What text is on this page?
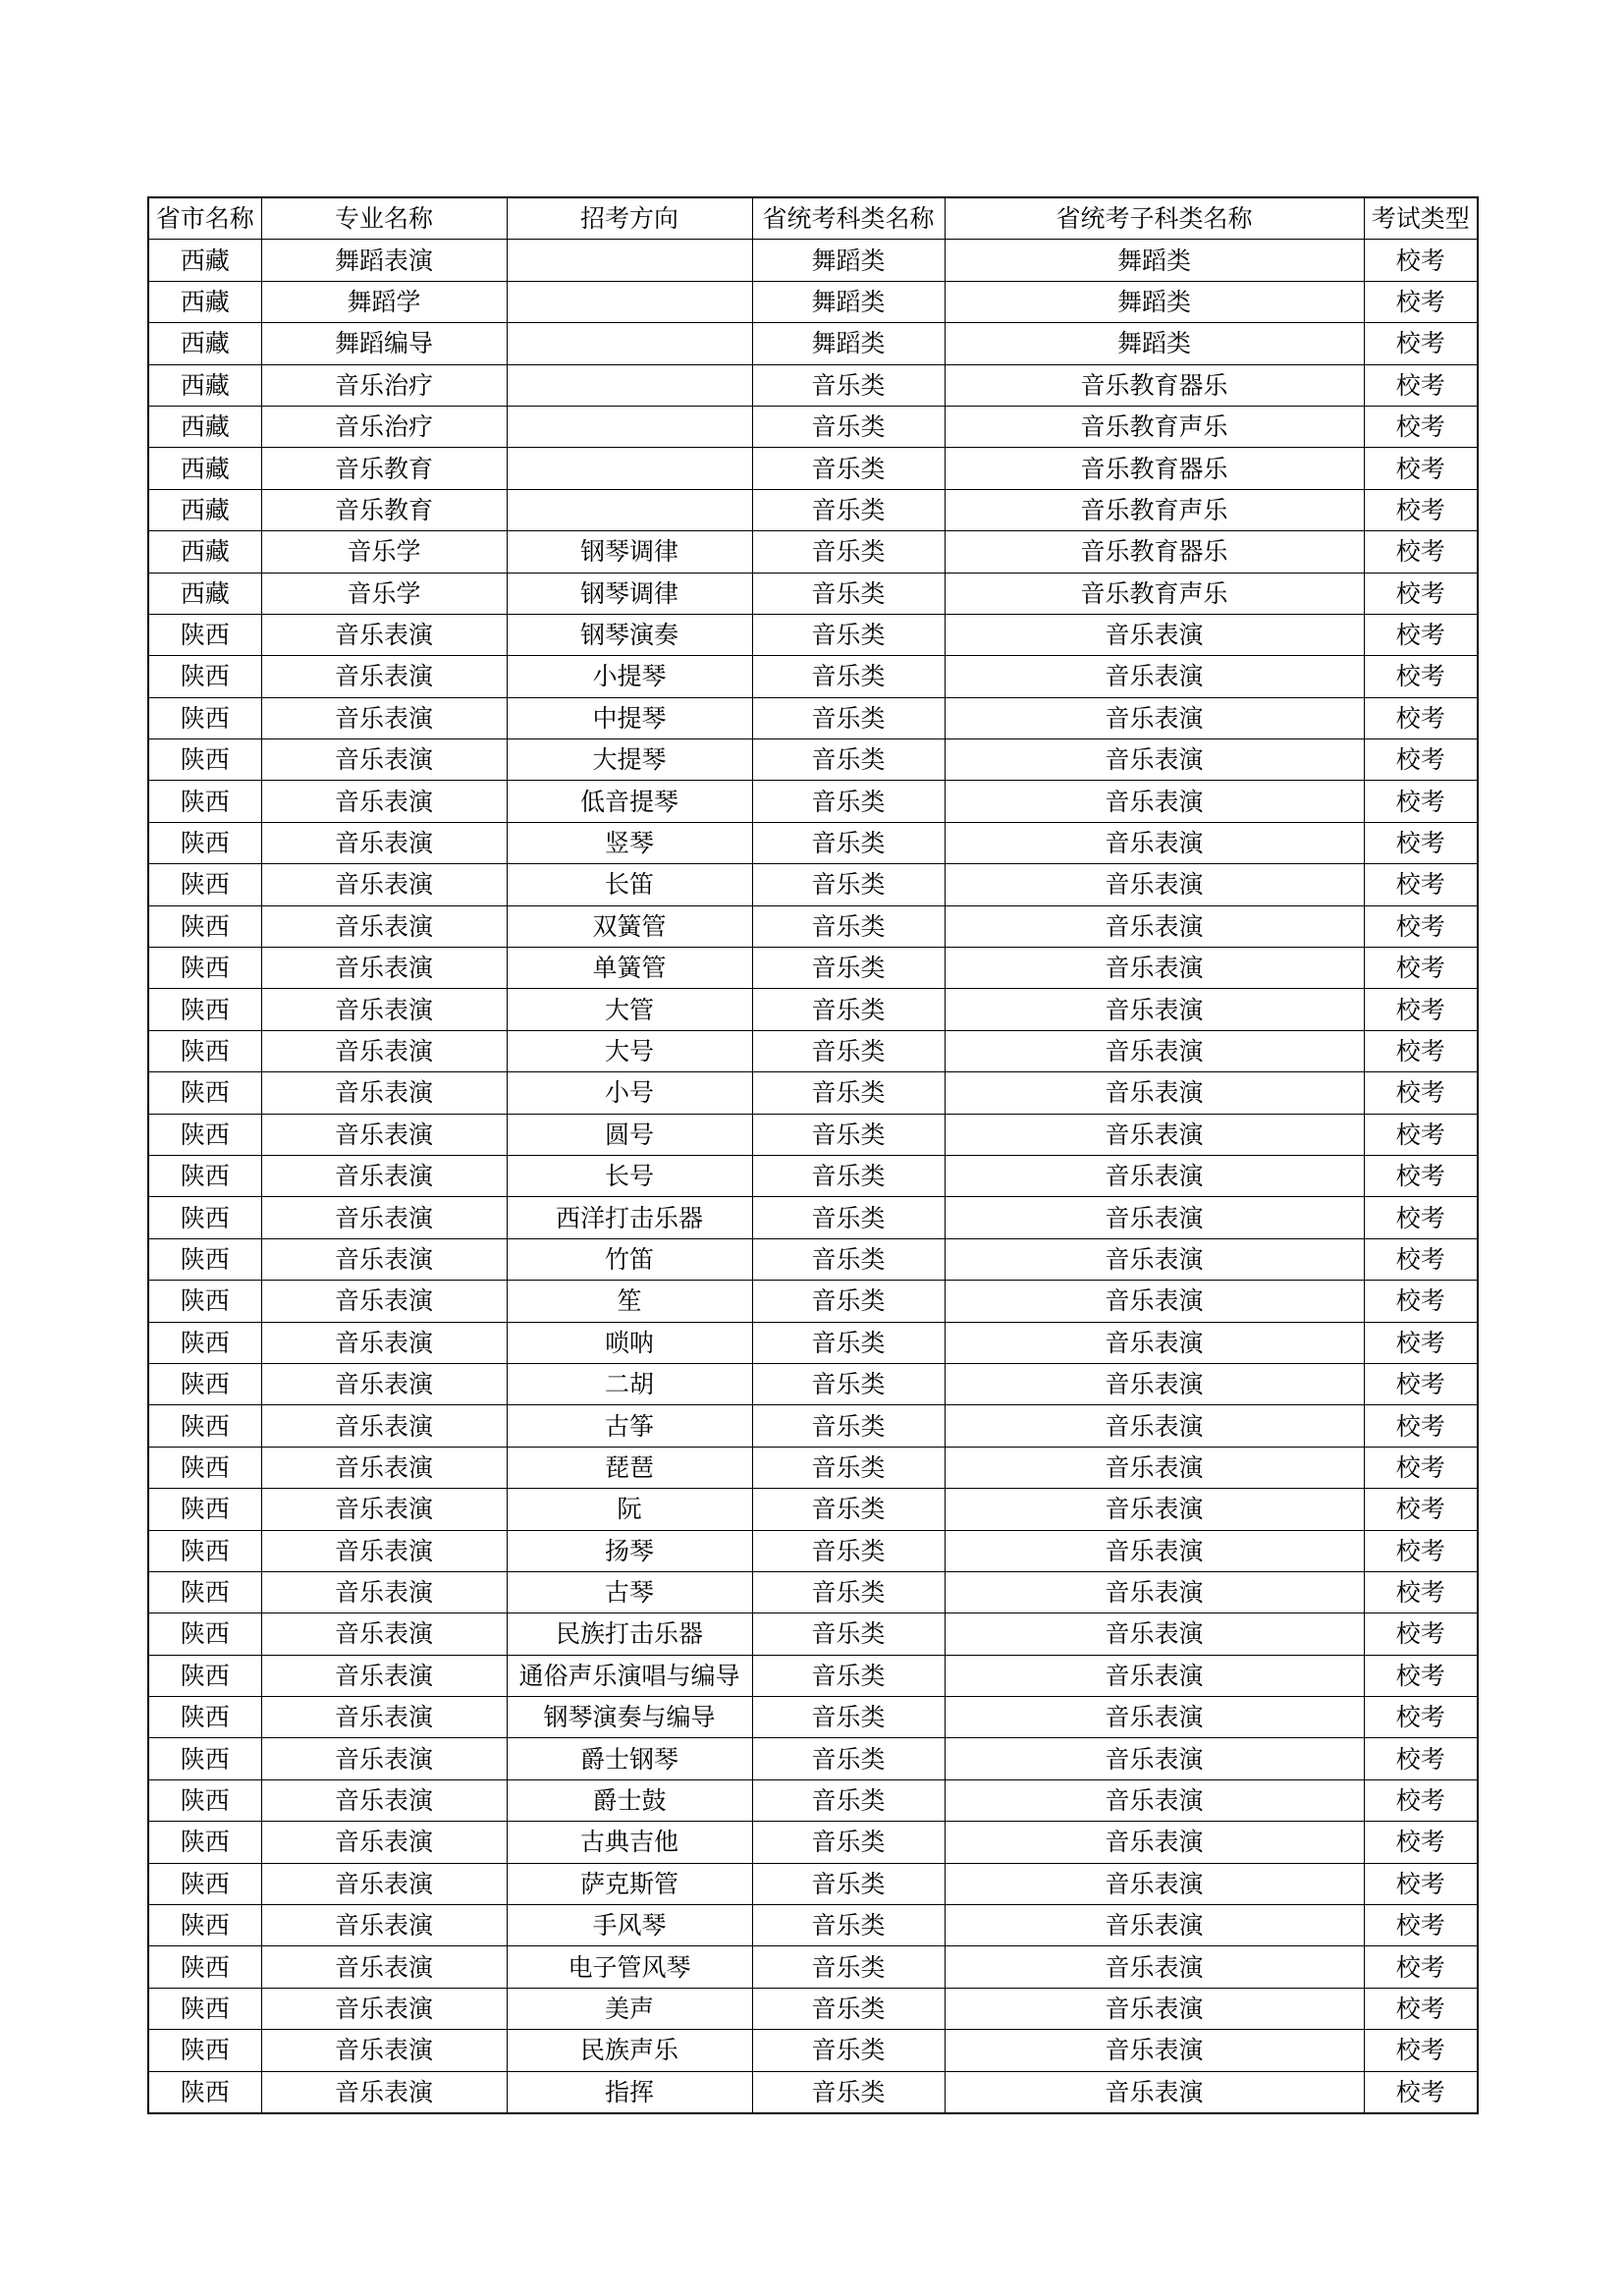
省市名称	专业名称	招考方向	省统考科类名称	省统考子科类名称	考试类型
西藏	舞蹈表演		舞蹈类	舞蹈类	校考
西藏	舞蹈学		舞蹈类	舞蹈类	校考
西藏	舞蹈编导		舞蹈类	舞蹈类	校考
西藏	音乐治疗		音乐类	音乐教育器乐	校考
西藏	音乐治疗		音乐类	音乐教育声乐	校考
西藏	音乐教育		音乐类	音乐教育器乐	校考
西藏	音乐教育		音乐类	音乐教育声乐	校考
西藏	音乐学	钢琴调律	音乐类	音乐教育器乐	校考
西藏	音乐学	钢琴调律	音乐类	音乐教育声乐	校考
陕西	音乐表演	钢琴演奏	音乐类	音乐表演	校考
陕西	音乐表演	小提琴	音乐类	音乐表演	校考
陕西	音乐表演	中提琴	音乐类	音乐表演	校考
陕西	音乐表演	大提琴	音乐类	音乐表演	校考
陕西	音乐表演	低音提琴	音乐类	音乐表演	校考
陕西	音乐表演	竖琴	音乐类	音乐表演	校考
陕西	音乐表演	长笛	音乐类	音乐表演	校考
陕西	音乐表演	双簧管	音乐类	音乐表演	校考
陕西	音乐表演	单簧管	音乐类	音乐表演	校考
陕西	音乐表演	大管	音乐类	音乐表演	校考
陕西	音乐表演	大号	音乐类	音乐表演	校考
陕西	音乐表演	小号	音乐类	音乐表演	校考
陕西	音乐表演	圆号	音乐类	音乐表演	校考
陕西	音乐表演	长号	音乐类	音乐表演	校考
陕西	音乐表演	西洋打击乐器	音乐类	音乐表演	校考
陕西	音乐表演	竹笛	音乐类	音乐表演	校考
陕西	音乐表演	笙	音乐类	音乐表演	校考
陕西	音乐表演	唢呐	音乐类	音乐表演	校考
陕西	音乐表演	二胡	音乐类	音乐表演	校考
陕西	音乐表演	古筝	音乐类	音乐表演	校考
陕西	音乐表演	琵琶	音乐类	音乐表演	校考
陕西	音乐表演	阮	音乐类	音乐表演	校考
陕西	音乐表演	扬琴	音乐类	音乐表演	校考
陕西	音乐表演	古琴	音乐类	音乐表演	校考
陕西	音乐表演	民族打击乐器	音乐类	音乐表演	校考
陕西	音乐表演	通俗声乐演唱与编导	音乐类	音乐表演	校考
陕西	音乐表演	钢琴演奏与编导	音乐类	音乐表演	校考
陕西	音乐表演	爵士钢琴	音乐类	音乐表演	校考
陕西	音乐表演	爵士鼓	音乐类	音乐表演	校考
陕西	音乐表演	古典吉他	音乐类	音乐表演	校考
陕西	音乐表演	萨克斯管	音乐类	音乐表演	校考
陕西	音乐表演	手风琴	音乐类	音乐表演	校考
陕西	音乐表演	电子管风琴	音乐类	音乐表演	校考
陕西	音乐表演	美声	音乐类	音乐表演	校考
陕西	音乐表演	民族声乐	音乐类	音乐表演	校考
陕西	音乐表演	指挥	音乐类	音乐表演	校考
